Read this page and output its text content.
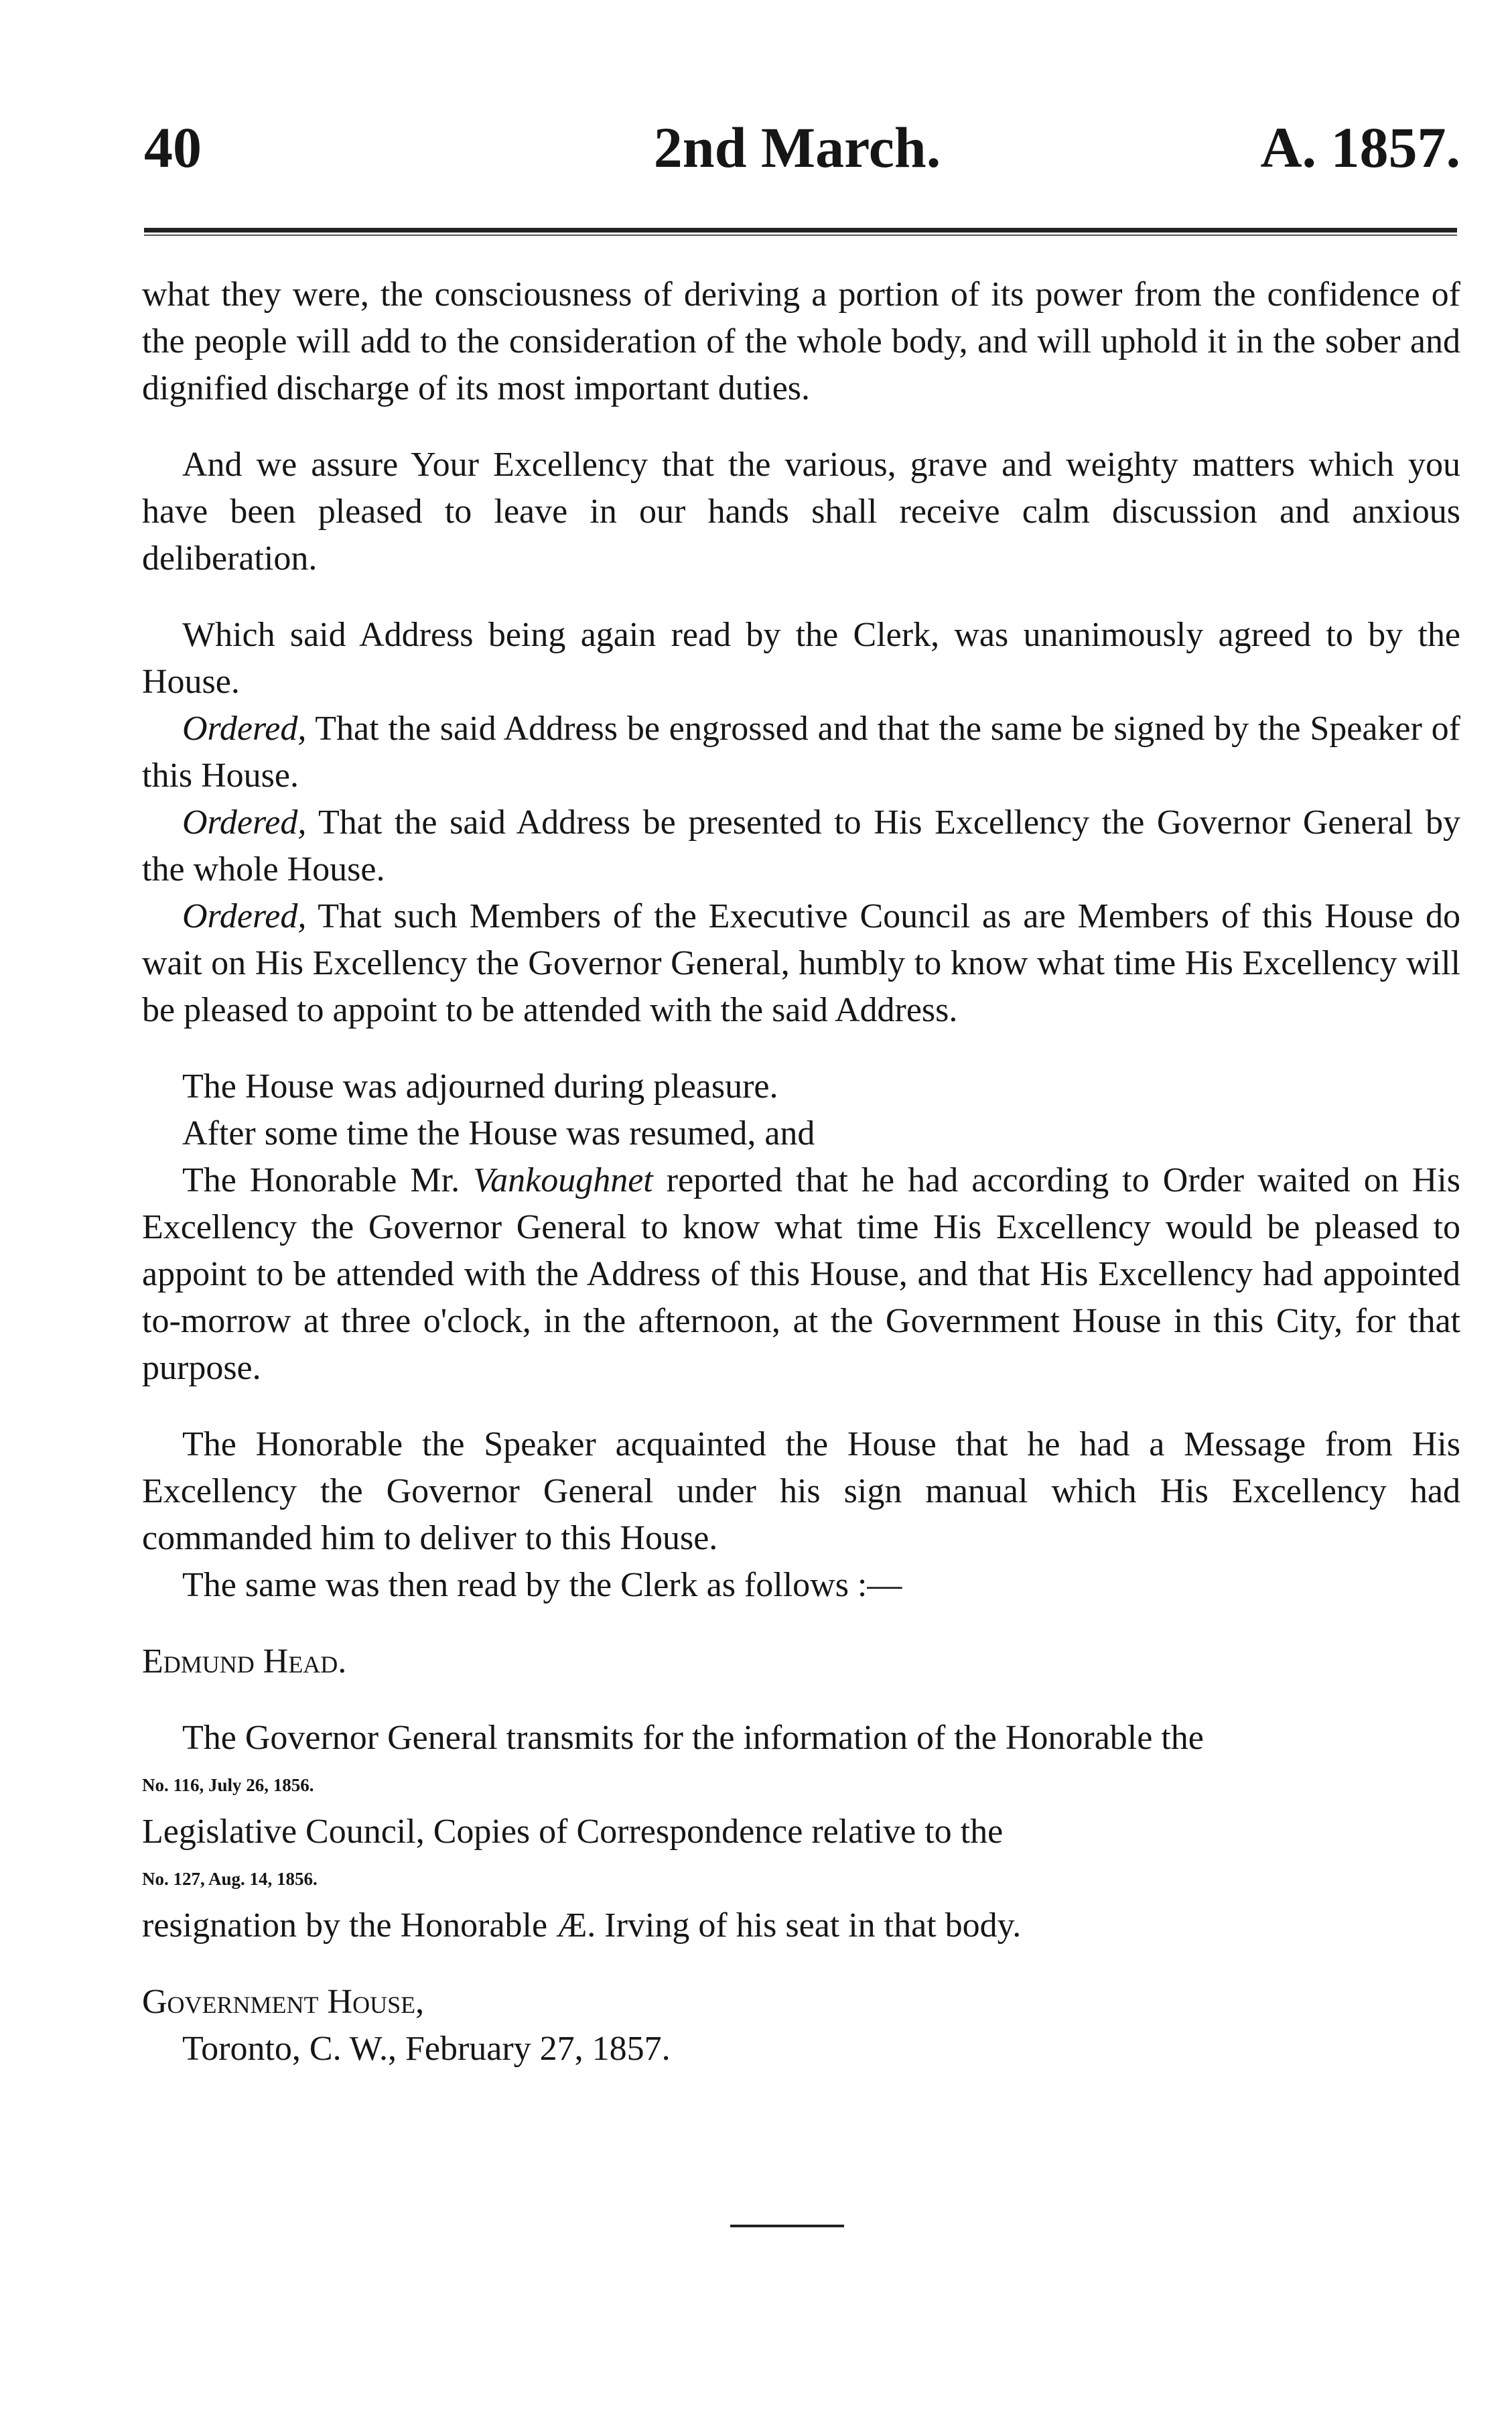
40	2nd March.	A. 1857.

what they were, the consciousness of deriving a portion of its power from the confidence of the people will add to the consideration of the whole body, and will uphold it in the sober and dignified discharge of its most important duties.

And we assure Your Excellency that the various, grave and weighty matters which you have been pleased to leave in our hands shall receive calm discussion and anxious deliberation.

Which said Address being again read by the Clerk, was unanimously agreed to by the House.

Ordered, That the said Address be engrossed and that the same be signed by the Speaker of this House.

Ordered, That the said Address be presented to His Excellency the Governor General by the whole House.

Ordered, That such Members of the Executive Council as are Members of this House do wait on His Excellency the Governor General, humbly to know what time His Excellency will be pleased to appoint to be attended with the said Address.

The House was adjourned during pleasure.

After some time the House was resumed, and

The Honorable Mr. Vankoughnet reported that he had according to Order waited on His Excellency the Governor General to know what time His Excellency would be pleased to appoint to be attended with the Address of this House, and that His Excellency had appointed to-morrow at three o'clock, in the afternoon, at the Government House in this City, for that purpose.

The Honorable the Speaker acquainted the House that he had a Message from His Excellency the Governor General under his sign manual which His Excellency had commanded him to deliver to this House.

The same was then read by the Clerk as follows :—

Edmund Head.

The Governor General transmits for the information of the Honorable the
No. 116, July 26, 1856.
Legislative Council, Copies of Correspondence relative to the
No. 127, Aug. 14, 1856.
resignation by the Honorable Æ. Irving of his seat in that body.

Government House,

Toronto, C. W., February 27, 1857.
